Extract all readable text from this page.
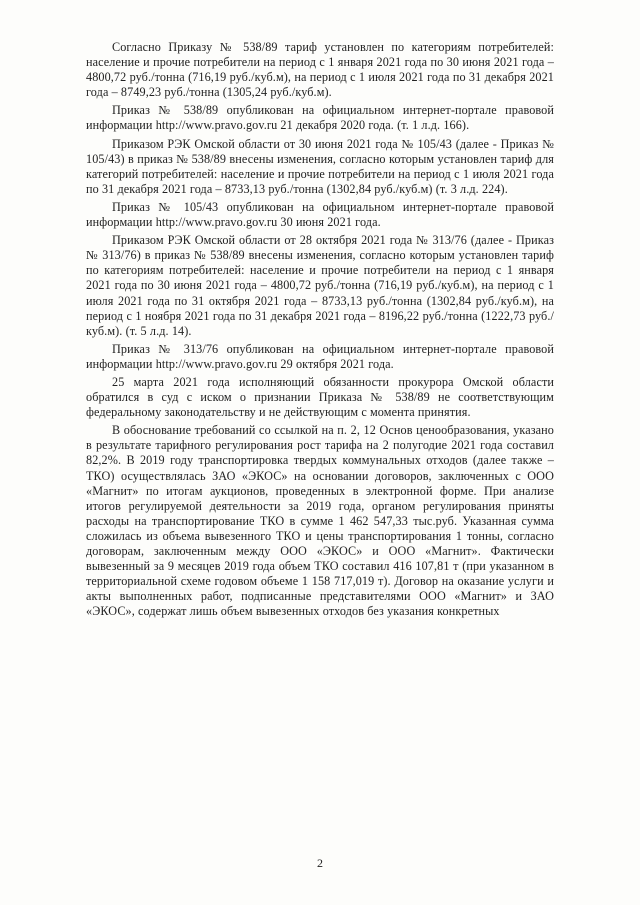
Согласно Приказу № 538/89 тариф установлен по категориям потребителей: население и прочие потребители на период с 1 января 2021 года по 30 июня 2021 года – 4800,72 руб./тонна (716,19 руб./куб.м), на период с 1 июля 2021 года по 31 декабря 2021 года – 8749,23 руб./тонна (1305,24 руб./куб.м).

Приказ № 538/89 опубликован на официальном интернет-портале правовой информации http://www.pravo.gov.ru 21 декабря 2020 года. (т. 1 л.д. 166).

Приказом РЭК Омской области от 30 июня 2021 года № 105/43 (далее - Приказ № 105/43) в приказ № 538/89 внесены изменения, согласно которым установлен тариф для категорий потребителей: население и прочие потребители на период с 1 июля 2021 года по 31 декабря 2021 года – 8733,13 руб./тонна (1302,84 руб./куб.м) (т. 3 л.д. 224).

Приказ № 105/43 опубликован на официальном интернет-портале правовой информации http://www.pravo.gov.ru 30 июня 2021 года.

Приказом РЭК Омской области от 28 октября 2021 года № 313/76 (далее - Приказ № 313/76) в приказ № 538/89 внесены изменения, согласно которым установлен тариф по категориям потребителей: население и прочие потребители на период с 1 января 2021 года по 30 июня 2021 года – 4800,72 руб./тонна (716,19 руб./куб.м), на период с 1 июля 2021 года по 31 октября 2021 года – 8733,13 руб./тонна (1302,84 руб./куб.м), на период с 1 ноября 2021 года по 31 декабря 2021 года – 8196,22 руб./тонна (1222,73 руб./куб.м). (т. 5 л.д. 14).

Приказ № 313/76 опубликован на официальном интернет-портале правовой информации http://www.pravo.gov.ru 29 октября 2021 года.

25 марта 2021 года исполняющий обязанности прокурора Омской области обратился в суд с иском о признании Приказа № 538/89 не соответствующим федеральному законодательству и не действующим с момента принятия.

В обоснование требований со ссылкой на п. 2, 12 Основ ценообразования, указано в результате тарифного регулирования рост тарифа на 2 полугодие 2021 года составил 82,2%. В 2019 году транспортировка твердых коммунальных отходов (далее также – ТКО) осуществлялась ЗАО «ЭКОС» на основании договоров, заключенных с ООО «Магнит» по итогам аукционов, проведенных в электронной форме. При анализе итогов регулируемой деятельности за 2019 года, органом регулирования приняты расходы на транспортирование ТКО в сумме 1 462 547,33 тыс.руб. Указанная сумма сложилась из объема вывезенного ТКО и цены транспортирования 1 тонны, согласно договорам, заключенным между ООО «ЭКОС» и ООО «Магнит». Фактически вывезенный за 9 месяцев 2019 года объем ТКО составил 416 107,81 т (при указанном в территориальной схеме годовом объеме 1 158 717,019 т). Договор на оказание услуги и акты выполненных работ, подписанные представителями ООО «Магнит» и ЗАО «ЭКОС», содержат лишь объем вывезенных отходов без указания конкретных

2
